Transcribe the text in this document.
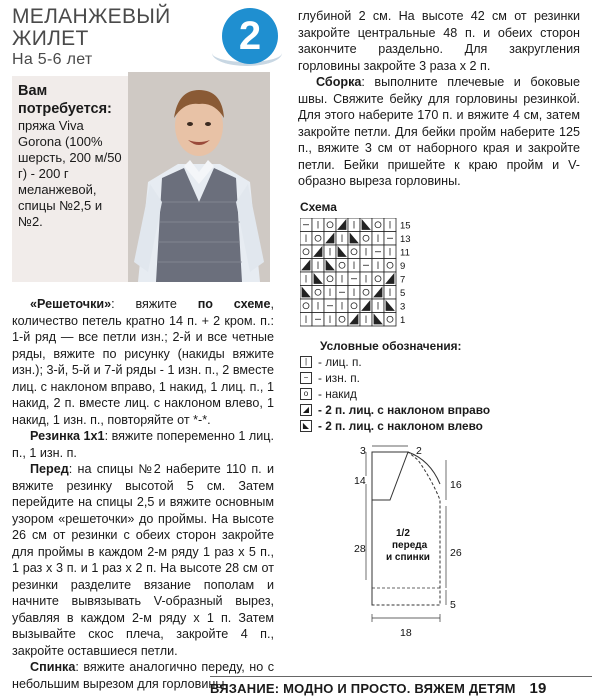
МЕЛАНЖЕВЫЙ
ЖИЛЕТ
На 5-6 лет
2
Вам
потребуется:
пряжа Viva Gorona (100% шерсть, 200 м/50 г) - 200 г меланжевой, спицы №2,5 и №2.
«Решеточки»: вяжите по схеме, количество петель кратно 14 п. + 2 кром. п.: 1-й ряд — все петли изн.; 2-й и все четные ряды, вяжите по рисунку (накиды вяжите изн.); 3-й, 5-й и 7-й ряды - 1 изн. п., 2 вместе лиц. с наклоном вправо, 1 накид, 1 лиц. п., 1 накид, 2 п. вместе лиц. с наклоном влево, 1 накид, 1 изн. п., повторяйте от *-*.
Резинка 1х1: вяжите попеременно 1 лиц. п., 1 изн. п.
Перед: на спицы №2 наберите 110 п. и вяжите резинку высотой 5 см. Затем перейдите на спицы 2,5 и вяжите основным узором «решеточки» до проймы. На высоте 26 см от резинки с обеих сторон закройте для проймы в каждом 2-м ряду 1 раз х 5 п., 1 раз х 3 п. и 1 раз х 2 п. На высоте 28 см от резинки разделите вязание пополам и начните вывязывать V-образный вырез, убавляя в каждом 2-м ряду х 1 п. Затем вызывайте скос плеча, закройте 4 п., закройте оставшиеся петли.
Спинка: вяжите аналогично переду, но с небольшим вырезом для горловины
глубиной 2 см. На высоте 42 см от резинки закройте центральные 48 п. и обеих сторон закончите раздельно. Для закругления горловины закройте 3 раза х 2 п.
Сборка: выполните плечевые и боковые швы. Свяжите бейку для горловины резинкой. Для этого наберите 170 п. и вяжите 4 см, затем закройте петли. Для бейки пройм наберите 125 п., вяжите 3 см от наборного края и закройте петли. Бейки пришейте к краю пройм и V-образно выреза горловины.
Схема
15
13
11
9
7
5
3
1
Условные обозначения:
| - лиц. п.
− - изн. п.
o - накид
◢ - 2 п. лиц. с наклоном вправо
◣ - 2 п. лиц. с наклоном влево
3	2
14	16
28	26
5
18
1/2
переда
и спинки
ВЯЗАНИЕ: МОДНО И ПРОСТО. ВЯЖЕМ ДЕТЯМ 19
